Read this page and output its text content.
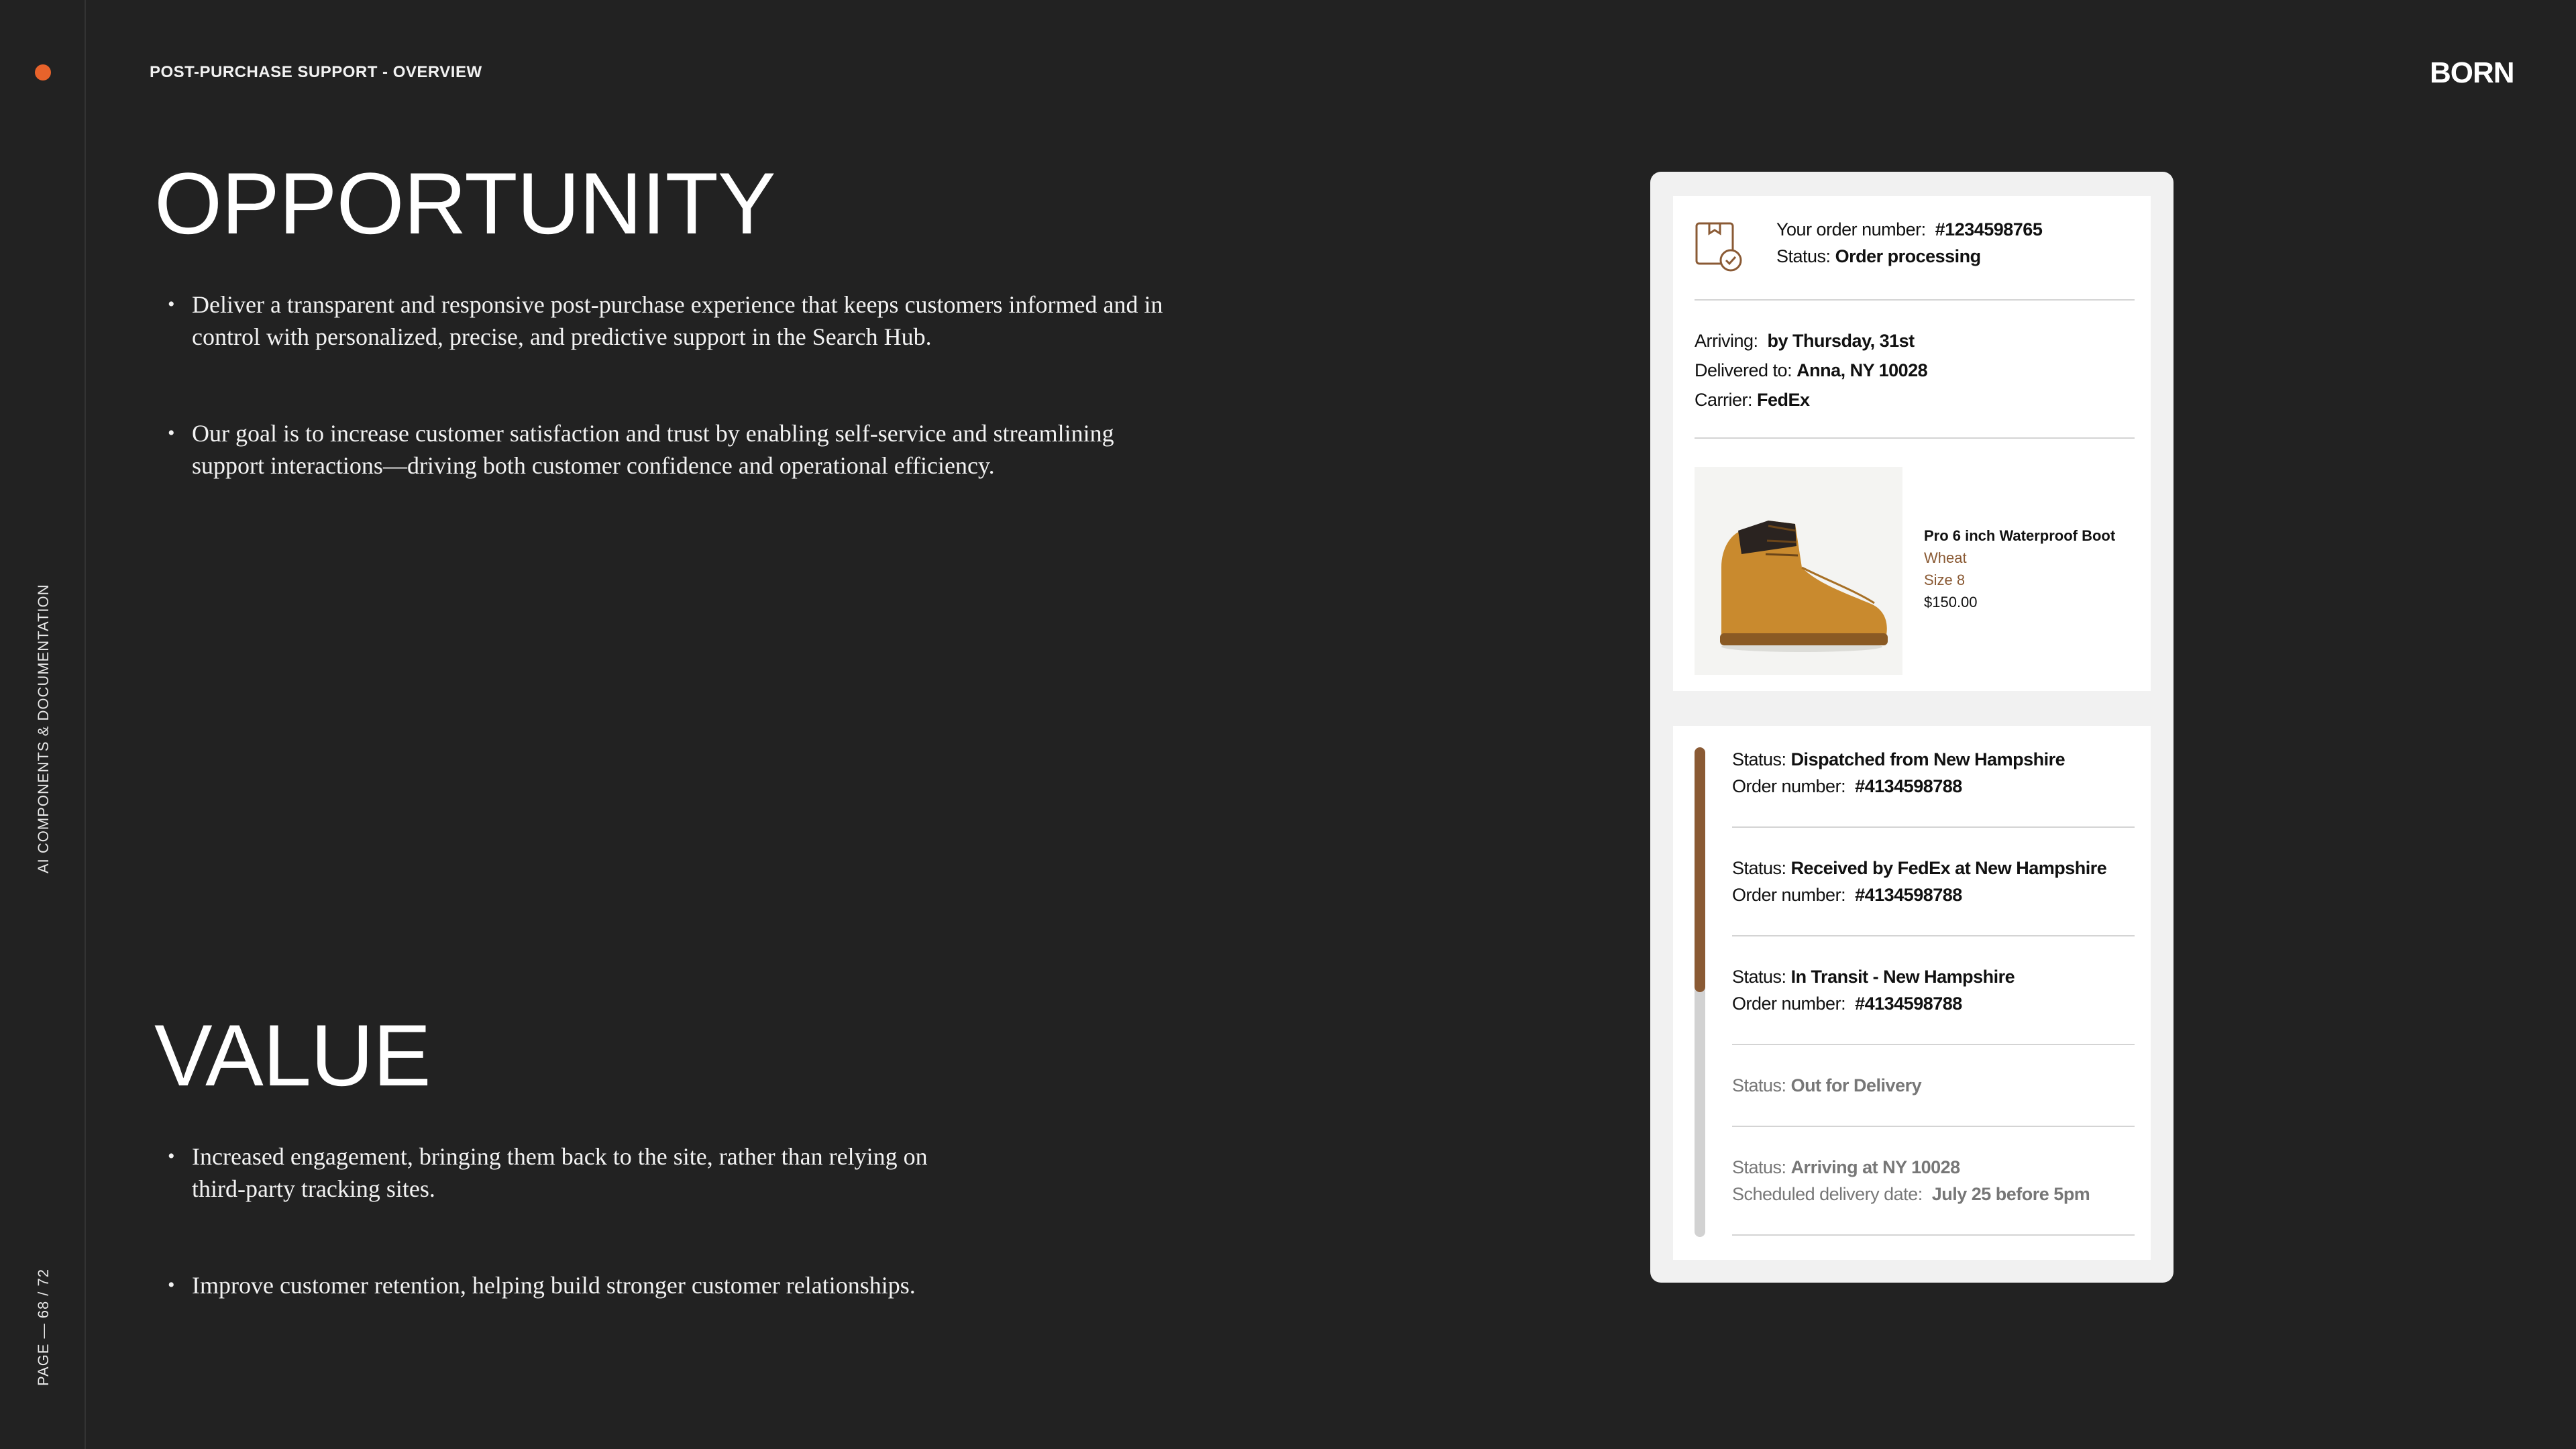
AI COMPONENTS & DOCUMENTATION
PAGE — 68 / 72
POST-PURCHASE SUPPORT - OVERVIEW	BORN
OPPORTUNITY
• Deliver a transparent and responsive post-purchase experience that keeps customers informed and in
control with personalized, precise, and predictive support in the Search Hub.
• Our goal is to increase customer satisfaction and trust by enabling self-service and streamlining
support interactions—driving both customer confidence and operational efficiency.
VALUE
• Increased engagement, bringing them back to the site, rather than relying on
third-party tracking sites.
• Improve customer retention, helping build stronger customer relationships.
Your order number: #1234598765
Status: Order processing
Arriving: by Thursday, 31st
Delivered to: Anna, NY 10028
Carrier: FedEx
Pro 6 inch Waterproof Boot
Wheat
Size 8
$150.00
Status: Dispatched from New Hampshire
Order number: #4134598788
Status: Received by FedEx at New Hampshire
Order number: #4134598788
Status: In Transit - New Hampshire
Order number: #4134598788
Status: Out for Delivery
Status: Arriving at NY 10028
Scheduled delivery date: July 25 before 5pm
